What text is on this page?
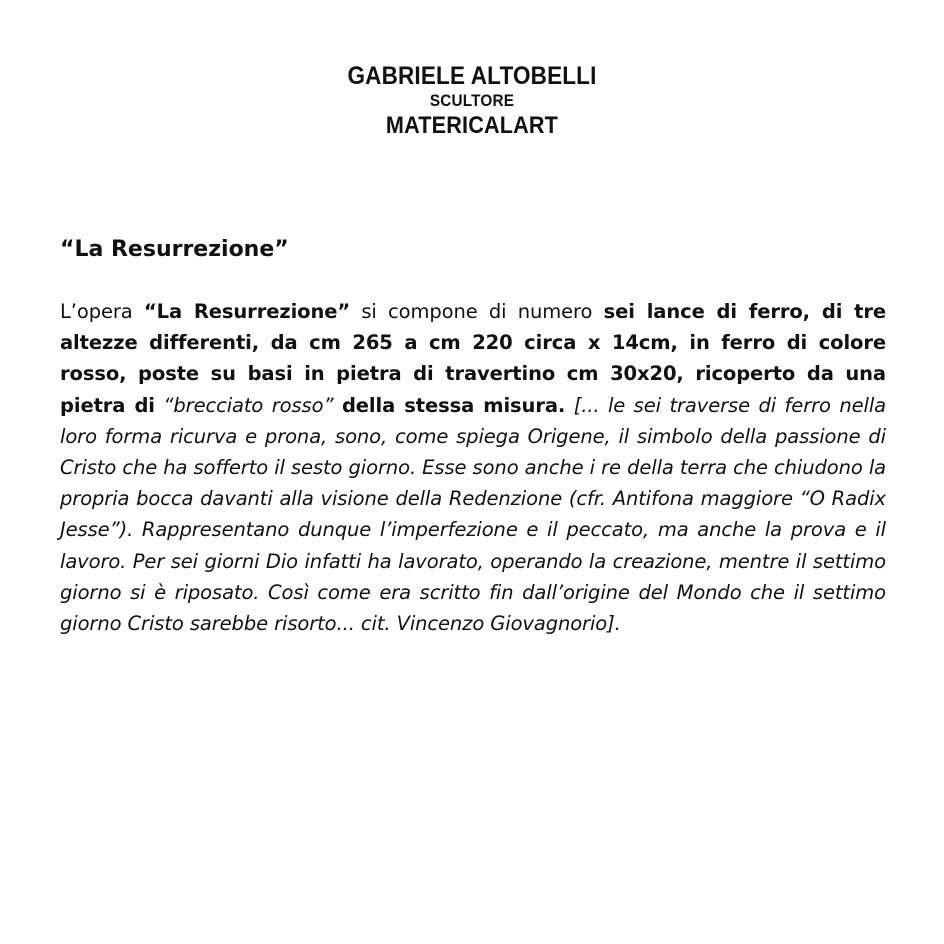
GABRIELE ALTOBELLI
SCULTORE
MATERICALART
“La Resurrezione”

L’opera “La Resurrezione” si compone di numero sei lance di ferro, di tre altezze differenti, da cm 265 a cm 220 circa x 14cm, in ferro di colore rosso, poste su basi in pietra di travertino cm 30x20, ricoperto da una pietra di “brecciato rosso” della stessa misura. [... le sei traverse di ferro nella loro forma ricurva e prona, sono, come spiega Origene, il simbolo della passione di Cristo che ha sofferto il sesto giorno. Esse sono anche i re della terra che chiudono la propria bocca davanti alla visione della Redenzione (cfr. Antifona maggiore “O Radix Jesse”). Rappresentano dunque l’imperfezione e il peccato, ma anche la prova e il lavoro. Per sei giorni Dio infatti ha lavorato, operando la creazione, mentre il settimo giorno si è riposato. Così come era scritto fin dall’origine del Mondo che il settimo giorno Cristo sarebbe risorto... cit. Vincenzo Giovagnorio].
